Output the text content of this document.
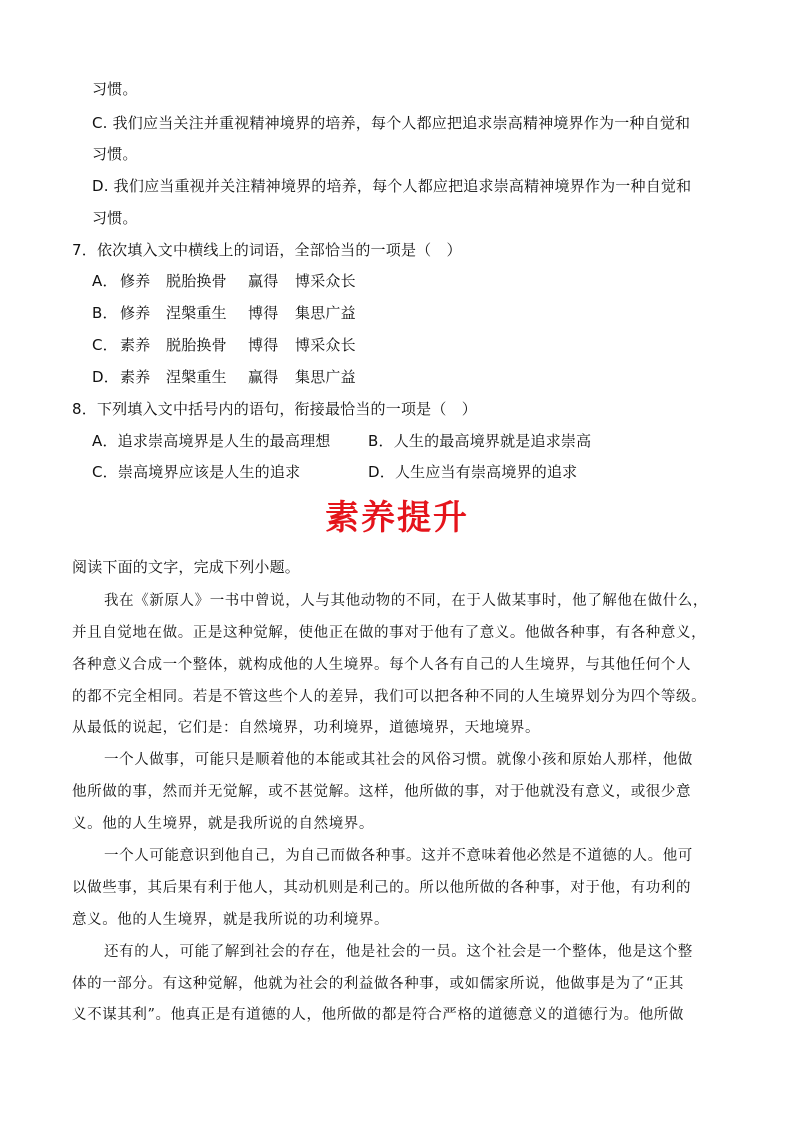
习惯。
C. 我们应当关注并重视精神境界的培养，每个人都应把追求崇高精神境界作为一种自觉和
习惯。
D. 我们应当重视并关注精神境界的培养，每个人都应把追求崇高精神境界作为一种自觉和
习惯。
7．依次填入文中横线上的词语，全部恰当的一项是（　）
A． 修养 脱胎换骨 赢得 博采众长
B． 修养 涅槃重生 博得 集思广益
C． 素养 脱胎换骨 博得 博采众长
D．素养 涅槃重生 赢得 集思广益
8．下列填入文中括号内的语句，衔接最恰当的一项是（　）
A．追求崇高境界是人生的最高理想	B．人生的最高境界就是追求崇高
C．崇高境界应该是人生的追求	D．人生应当有崇高境界的追求
素养提升
阅读下面的文字，完成下列小题。
我在《新原人》一书中曾说，人与其他动物的不同，在于人做某事时，他了解他在做什么，
并且自觉地在做。正是这种觉解，使他正在做的事对于他有了意义。他做各种事，有各种意义，
各种意义合成一个整体，就构成他的人生境界。每个人各有自己的人生境界，与其他任何个人
的都不完全相同。若是不管这些个人的差异，我们可以把各种不同的人生境界划分为四个等级。
从最低的说起，它们是：自然境界，功利境界，道德境界，天地境界。
一个人做事，可能只是顺着他的本能或其社会的风俗习惯。就像小孩和原始人那样，他做
他所做的事，然而并无觉解，或不甚觉解。这样，他所做的事，对于他就没有意义，或很少意
义。他的人生境界，就是我所说的自然境界。
一个人可能意识到他自己，为自己而做各种事。这并不意味着他必然是不道德的人。他可
以做些事，其后果有利于他人，其动机则是利己的。所以他所做的各种事，对于他，有功利的
意义。他的人生境界，就是我所说的功利境界。
还有的人，可能了解到社会的存在，他是社会的一员。这个社会是一个整体，他是这个整
体的一部分。有这种觉解，他就为社会的利益做各种事，或如儒家所说，他做事是为了“正其
义不谋其利”。他真正是有道德的人，他所做的都是符合严格的道德意义的道德行为。他所做
